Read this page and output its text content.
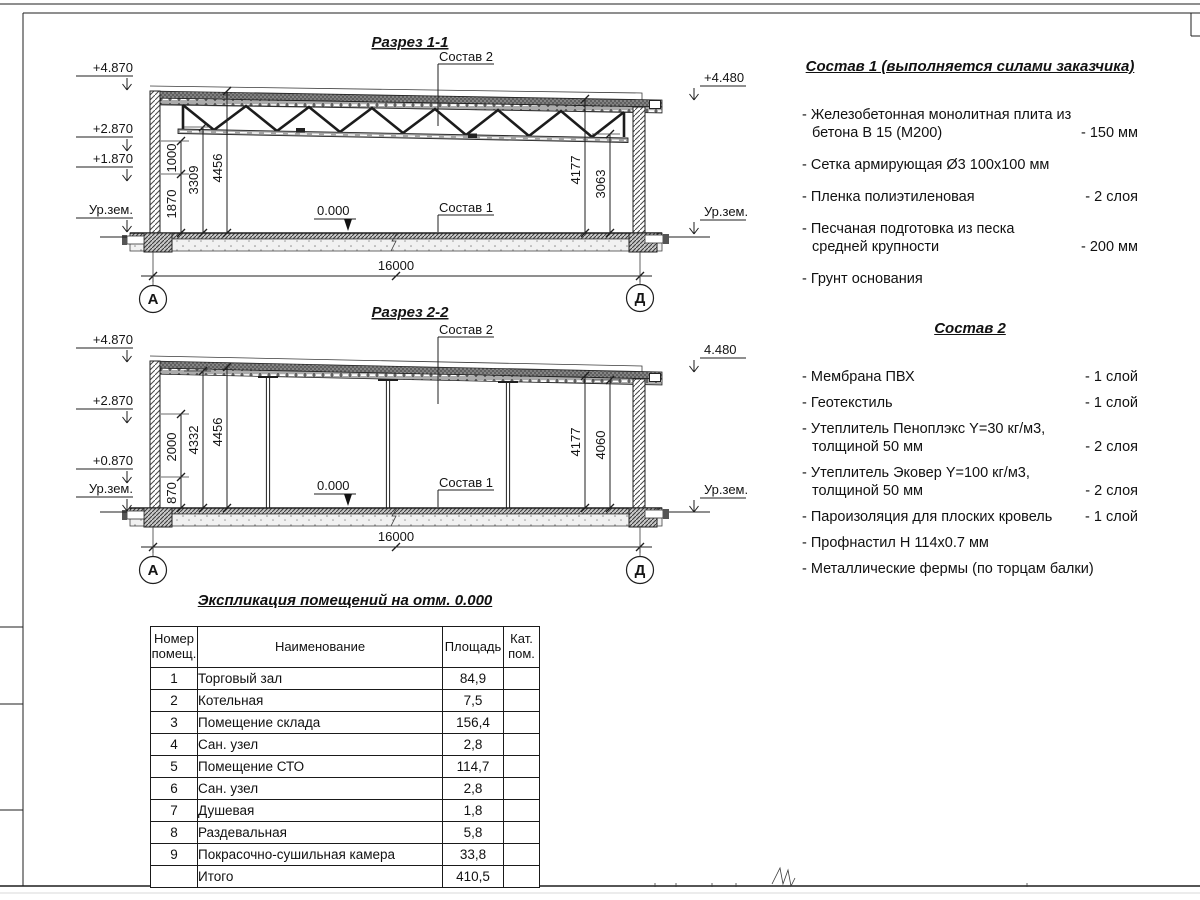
Разрез 1-1
+4.870
+2.870
+1.870
Ур.зем.
+4.480
Ур.зем.
0.000
Состав 2
Состав 1
1000
1870
3309 4456	4177 3063
16000
А	Д
Разрез 2-2
+4.870
+2.870
+0.870
Ур.зем.
4.480
Ур.зем.
0.000
Состав 2
Состав 1
2000
870
4332 4456	4177 4060
16000
А	Д
Состав 1 (выполняется силами заказчика)
- Железобетонная монолитная плита из бетона В 15 (М200)	- 150 мм
- Сетка армирующая Ø3 100х100 мм
- Пленка полиэтиленовая	- 2 слоя
- Песчаная подготовка из песка средней крупности	- 200 мм
- Грунт основания
Состав 2
- Мембрана ПВХ	- 1 слой
- Геотекстиль	- 1 слой
- Утеплитель Пеноплэкс Y=30 кг/м3, толщиной 50 мм	- 2 слоя
- Утеплитель Эковер Y=100 кг/м3, толщиной 50 мм	- 2 слоя
- Пароизоляция для плоских кровель	- 1 слой
- Профнастил Н 114х0.7 мм
- Металлические фермы (по торцам балки)
Экспликация помещений на отм. 0.000
Номер помещ.	Наименование	Площадь	Кат. пом.
1	Торговый зал	84,9	
2	Котельная	7,5	
3	Помещение склада	156,4	
4	Сан. узел	2,8	
5	Помещение СТО	114,7	
6	Сан. узел	2,8	
7	Душевая	1,8	
8	Раздевальная	5,8	
9	Покрасочно-сушильная камера	33,8	
	Итого	410,5	
